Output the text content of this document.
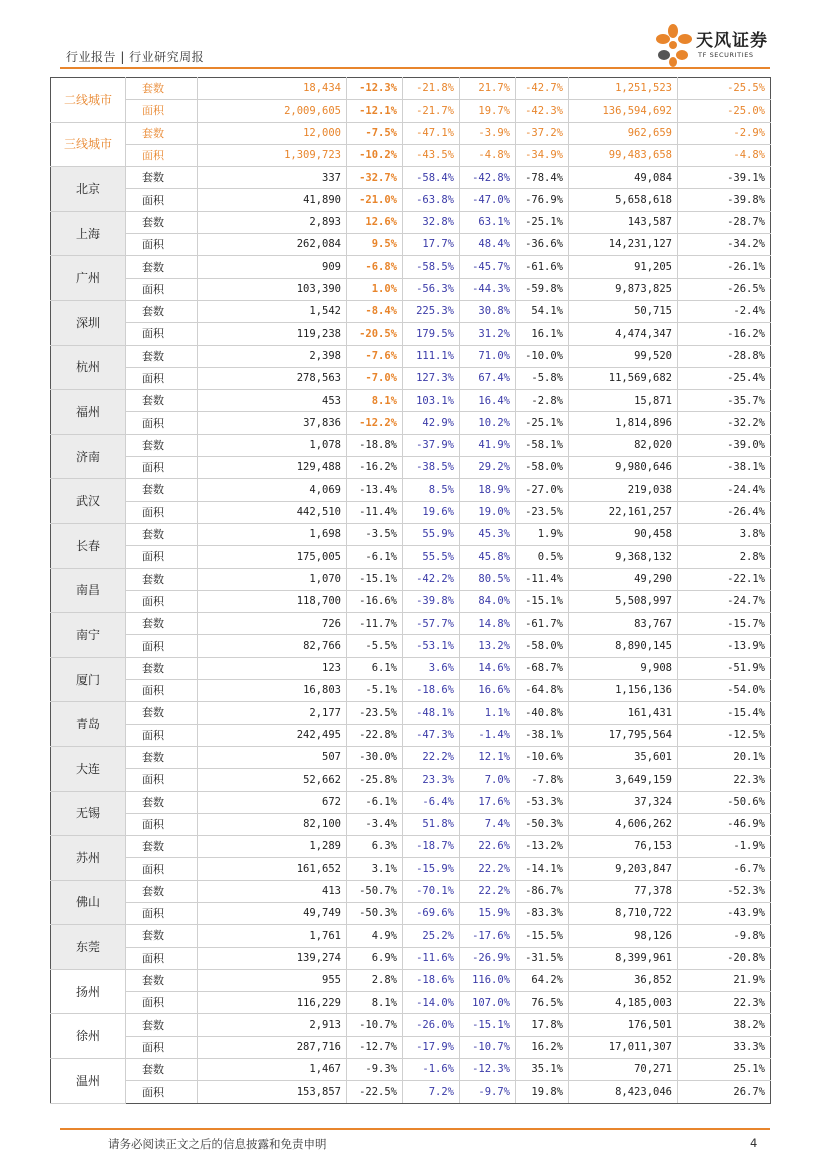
行业报告 | 行业研究周报
天风证券
TF SECURITIES
二线城市	套数	18,434	-12.3%	-21.8%	21.7%	-42.7%	1,251,523	-25.5%
	面积	2,009,605	-12.1%	-21.7%	19.7%	-42.3%	136,594,692	-25.0%
三线城市	套数	12,000	-7.5%	-47.1%	-3.9%	-37.2%	962,659	-2.9%
	面积	1,309,723	-10.2%	-43.5%	-4.8%	-34.9%	99,483,658	-4.8%
北京	套数	337	-32.7%	-58.4%	-42.8%	-78.4%	49,084	-39.1%
	面积	41,890	-21.0%	-63.8%	-47.0%	-76.9%	5,658,618	-39.8%
上海	套数	2,893	12.6%	32.8%	63.1%	-25.1%	143,587	-28.7%
	面积	262,084	9.5%	17.7%	48.4%	-36.6%	14,231,127	-34.2%
广州	套数	909	-6.8%	-58.5%	-45.7%	-61.6%	91,205	-26.1%
	面积	103,390	1.0%	-56.3%	-44.3%	-59.8%	9,873,825	-26.5%
深圳	套数	1,542	-8.4%	225.3%	30.8%	54.1%	50,715	-2.4%
	面积	119,238	-20.5%	179.5%	31.2%	16.1%	4,474,347	-16.2%
杭州	套数	2,398	-7.6%	111.1%	71.0%	-10.0%	99,520	-28.8%
	面积	278,563	-7.0%	127.3%	67.4%	-5.8%	11,569,682	-25.4%
福州	套数	453	8.1%	103.1%	16.4%	-2.8%	15,871	-35.7%
	面积	37,836	-12.2%	42.9%	10.2%	-25.1%	1,814,896	-32.2%
济南	套数	1,078	-18.8%	-37.9%	41.9%	-58.1%	82,020	-39.0%
	面积	129,488	-16.2%	-38.5%	29.2%	-58.0%	9,980,646	-38.1%
武汉	套数	4,069	-13.4%	8.5%	18.9%	-27.0%	219,038	-24.4%
	面积	442,510	-11.4%	19.6%	19.0%	-23.5%	22,161,257	-26.4%
长春	套数	1,698	-3.5%	55.9%	45.3%	1.9%	90,458	3.8%
	面积	175,005	-6.1%	55.5%	45.8%	0.5%	9,368,132	2.8%
南昌	套数	1,070	-15.1%	-42.2%	80.5%	-11.4%	49,290	-22.1%
	面积	118,700	-16.6%	-39.8%	84.0%	-15.1%	5,508,997	-24.7%
南宁	套数	726	-11.7%	-57.7%	14.8%	-61.7%	83,767	-15.7%
	面积	82,766	-5.5%	-53.1%	13.2%	-58.0%	8,890,145	-13.9%
厦门	套数	123	6.1%	3.6%	14.6%	-68.7%	9,908	-51.9%
	面积	16,803	-5.1%	-18.6%	16.6%	-64.8%	1,156,136	-54.0%
青岛	套数	2,177	-23.5%	-48.1%	1.1%	-40.8%	161,431	-15.4%
	面积	242,495	-22.8%	-47.3%	-1.4%	-38.1%	17,795,564	-12.5%
大连	套数	507	-30.0%	22.2%	12.1%	-10.6%	35,601	20.1%
	面积	52,662	-25.8%	23.3%	7.0%	-7.8%	3,649,159	22.3%
无锡	套数	672	-6.1%	-6.4%	17.6%	-53.3%	37,324	-50.6%
	面积	82,100	-3.4%	51.8%	7.4%	-50.3%	4,606,262	-46.9%
苏州	套数	1,289	6.3%	-18.7%	22.6%	-13.2%	76,153	-1.9%
	面积	161,652	3.1%	-15.9%	22.2%	-14.1%	9,203,847	-6.7%
佛山	套数	413	-50.7%	-70.1%	22.2%	-86.7%	77,378	-52.3%
	面积	49,749	-50.3%	-69.6%	15.9%	-83.3%	8,710,722	-43.9%
东莞	套数	1,761	4.9%	25.2%	-17.6%	-15.5%	98,126	-9.8%
	面积	139,274	6.9%	-11.6%	-26.9%	-31.5%	8,399,961	-20.8%
扬州	套数	955	2.8%	-18.6%	116.0%	64.2%	36,852	21.9%
	面积	116,229	8.1%	-14.0%	107.0%	76.5%	4,185,003	22.3%
徐州	套数	2,913	-10.7%	-26.0%	-15.1%	17.8%	176,501	38.2%
	面积	287,716	-12.7%	-17.9%	-10.7%	16.2%	17,011,307	33.3%
温州	套数	1,467	-9.3%	-1.6%	-12.3%	35.1%	70,271	25.1%
	面积	153,857	-22.5%	7.2%	-9.7%	19.8%	8,423,046	26.7%
请务必阅读正文之后的信息披露和免责申明	4
